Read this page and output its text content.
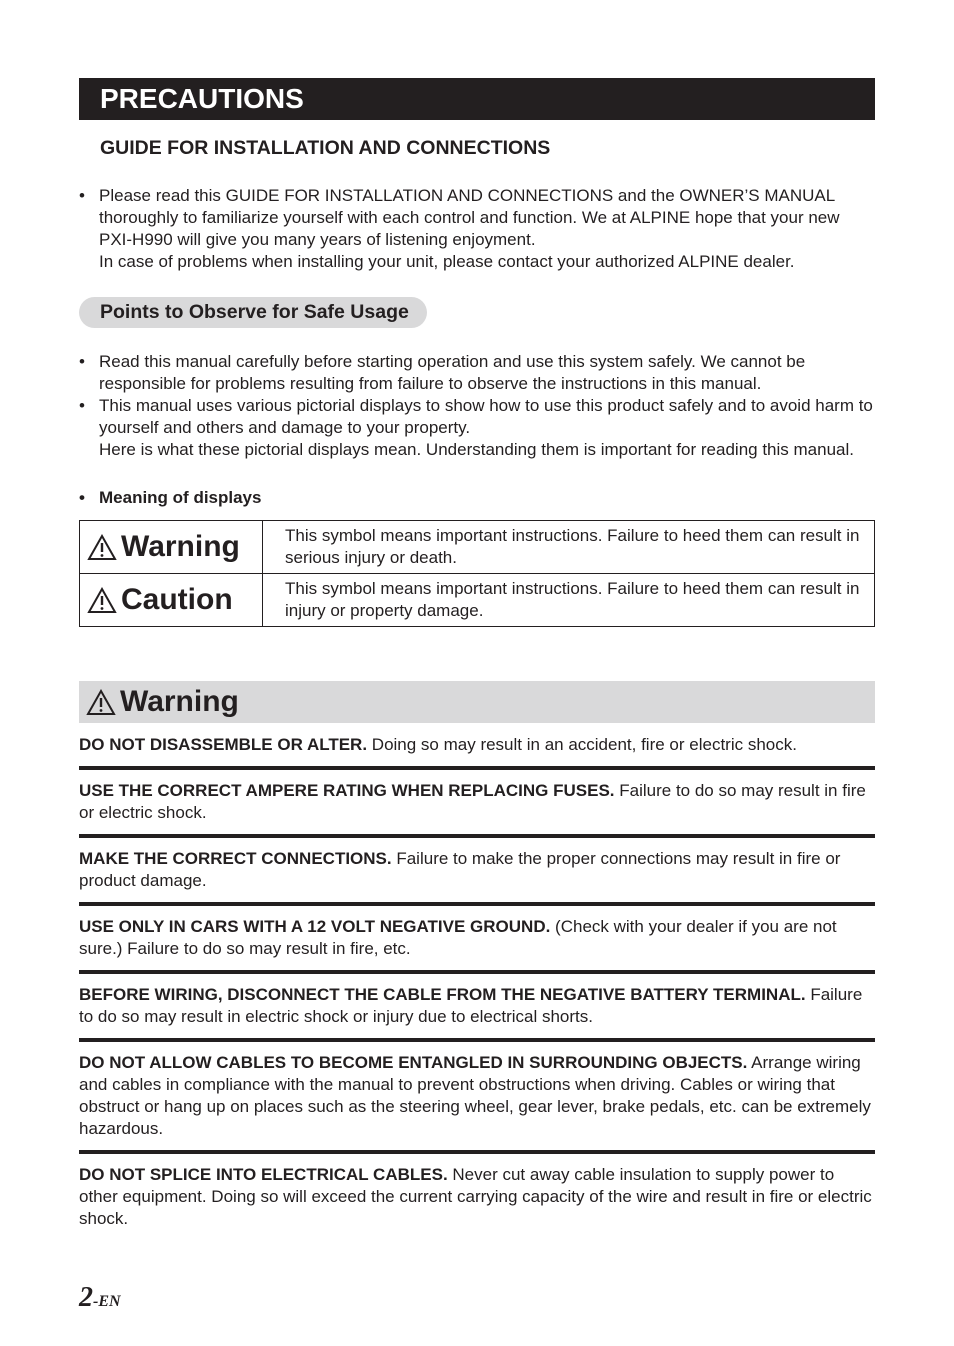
PRECAUTIONS
GUIDE FOR INSTALLATION AND CONNECTIONS
• Please read this GUIDE FOR INSTALLATION AND CONNECTIONS and the OWNER’S MANUAL thoroughly to familiarize yourself with each control and function. We at ALPINE hope that your new PXI-H990 will give you many years of listening enjoyment.

In case of problems when installing your unit, please contact your authorized ALPINE dealer.

Points to Observe for Safe Usage
• Read this manual carefully before starting operation and use this system safely. We cannot be responsible for problems resulting from failure to observe the instructions in this manual.

• This manual uses various pictorial displays to show how to use this product safely and to avoid harm to yourself and others and damage to your property.

Here is what these pictorial displays mean. Understanding them is important for reading this manual.

• Meaning of displays
Warning	This symbol means important instructions. Failure to heed them can result in serious injury or death.

Caution	This symbol means important instructions. Failure to heed them can result in injury or property damage.
Warning
DO NOT DISASSEMBLE OR ALTER. Doing so may result in an accident, fire or electric shock.
USE THE CORRECT AMPERE RATING WHEN REPLACING FUSES. Failure to do so may result in fire or electric shock.
MAKE THE CORRECT CONNECTIONS. Failure to make the proper connections may result in fire or product damage.
USE ONLY IN CARS WITH A 12 VOLT NEGATIVE GROUND. (Check with your dealer if you are not sure.) Failure to do so may result in fire, etc.
BEFORE WIRING, DISCONNECT THE CABLE FROM THE NEGATIVE BATTERY TERMINAL. Failure to do so may result in electric shock or injury due to electrical shorts.
DO NOT ALLOW CABLES TO BECOME ENTANGLED IN SURROUNDING OBJECTS. Arrange wiring and cables in compliance with the manual to prevent obstructions when driving. Cables or wiring that obstruct or hang up on places such as the steering wheel, gear lever, brake pedals, etc. can be extremely hazardous.
DO NOT SPLICE INTO ELECTRICAL CABLES. Never cut away cable insulation to supply power to other equipment. Doing so will exceed the current carrying capacity of the wire and result in fire or electric shock.
2-EN
